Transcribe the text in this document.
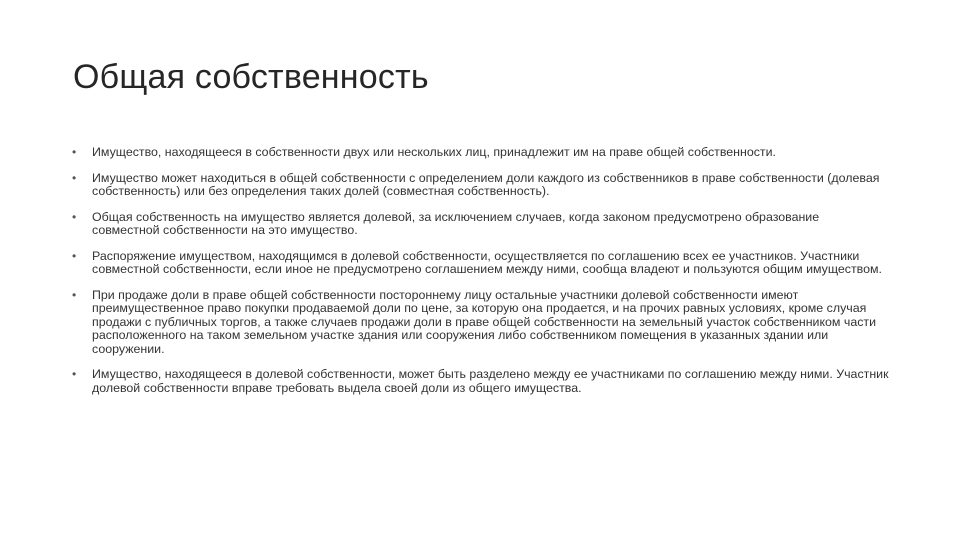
Общая собственность
• Имущество, находящееся в собственности двух или нескольких лиц, принадлежит им на праве общей собственности.
• Имущество может находиться в общей собственности с определением доли каждого из собственников в праве собственности (долевая собственность) или без определения таких долей (совместная собственность).
• Общая собственность на имущество является долевой, за исключением случаев, когда законом предусмотрено образование совместной собственности на это имущество.
• Распоряжение имуществом, находящимся в долевой собственности, осуществляется по соглашению всех ее участников. Участники совместной собственности, если иное не предусмотрено соглашением между ними, сообща владеют и пользуются общим имуществом.
• При продаже доли в праве общей собственности постороннему лицу остальные участники долевой собственности имеют преимущественное право покупки продаваемой доли по цене, за которую она продается, и на прочих равных условиях, кроме случая продажи с публичных торгов, а также случаев продажи доли в праве общей собственности на земельный участок собственником части расположенного на таком земельном участке здания или сооружения либо собственником помещения в указанных здании или сооружении.
• Имущество, находящееся в долевой собственности, может быть разделено между ее участниками по соглашению между ними. Участник долевой собственности вправе требовать выдела своей доли из общего имущества.
